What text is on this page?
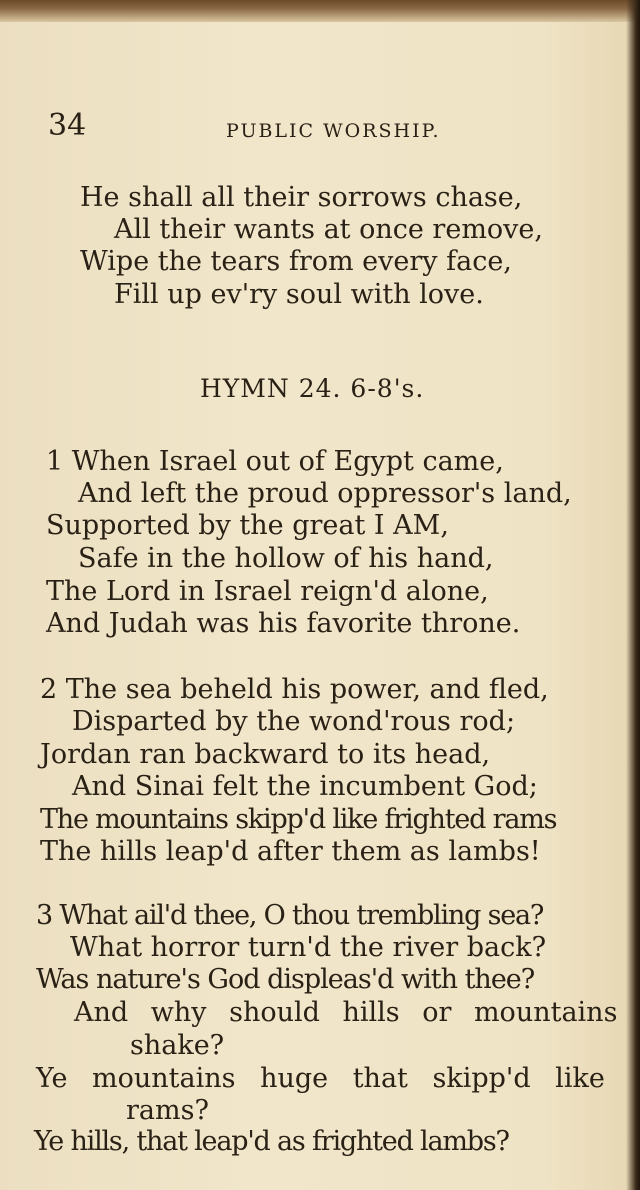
34	PUBLIC WORSHIP.
He shall all their sorrows chase,
All their wants at once remove,
Wipe the tears from every face,
Fill up ev'ry soul with love.
HYMN 24. 6-8's.
1 When Israel out of Egypt came,
And left the proud oppressor's land,
Supported by the great I AM,
Safe in the hollow of his hand,
The Lord in Israel reign'd alone,
And Judah was his favorite throne.
2 The sea beheld his power, and fled,
Disparted by the wond'rous rod;
Jordan ran backward to its head,
And Sinai felt the incumbent God;
The mountains skipp'd like frighted rams
The hills leap'd after them as lambs!
3 What ail'd thee, O thou trembling sea?
What horror turn'd the river back?
Was nature's God displeas'd with thee?
And why should hills or mountains
shake?
Ye mountains huge that skipp'd like
rams?
Ye hills, that leap'd as frighted lambs?
